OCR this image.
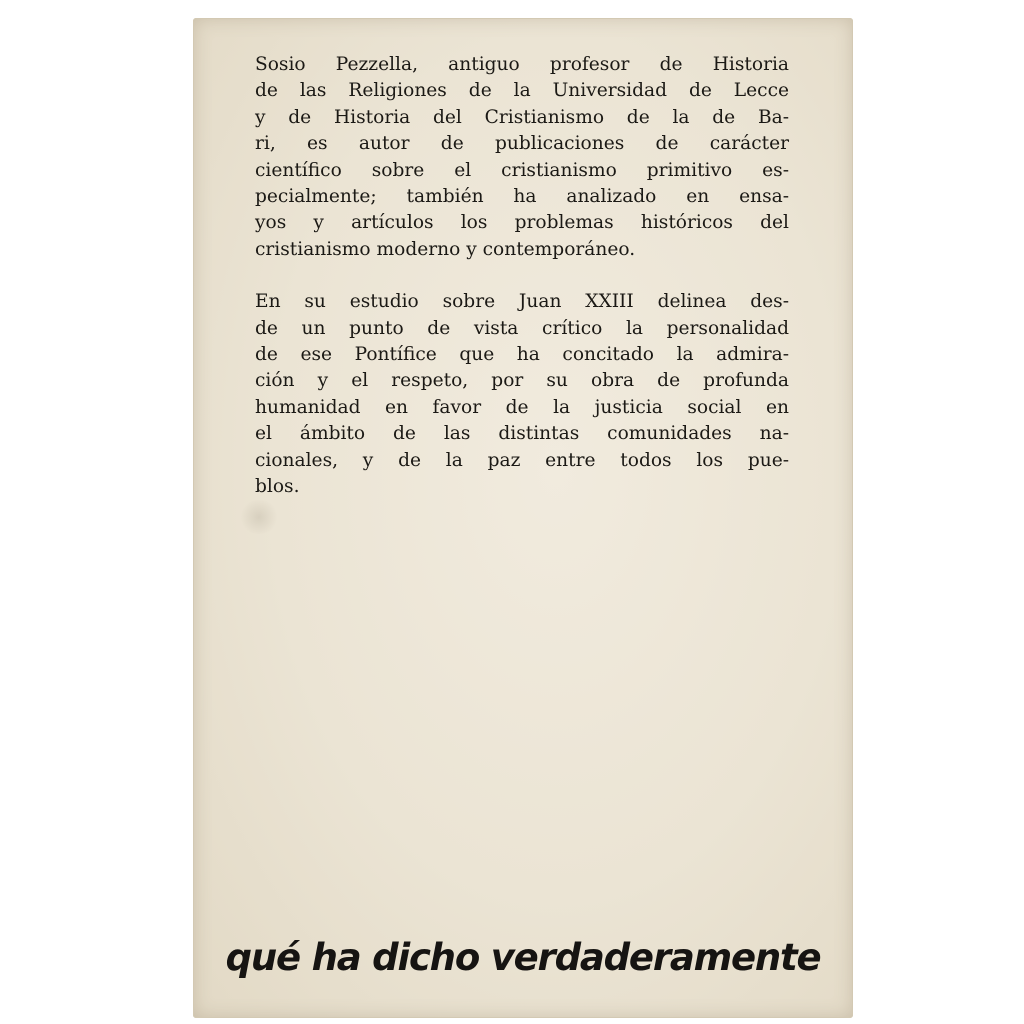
Sosio Pezzella, antiguo profesor de Historia
de las Religiones de la Universidad de Lecce
y de Historia del Cristianismo de la de Ba-
ri, es autor de publicaciones de carácter
científico sobre el cristianismo primitivo es-
pecialmente; también ha analizado en ensa-
yos y artículos los problemas históricos del
cristianismo moderno y contemporáneo.

En su estudio sobre Juan XXIII delinea des-
de un punto de vista crítico la personalidad
de ese Pontífice que ha concitado la admira-
ción y el respeto, por su obra de profunda
humanidad en favor de la justicia social en
el ámbito de las distintas comunidades na-
cionales, y de la paz entre todos los pue-
blos.

qué ha dicho verdaderamente
